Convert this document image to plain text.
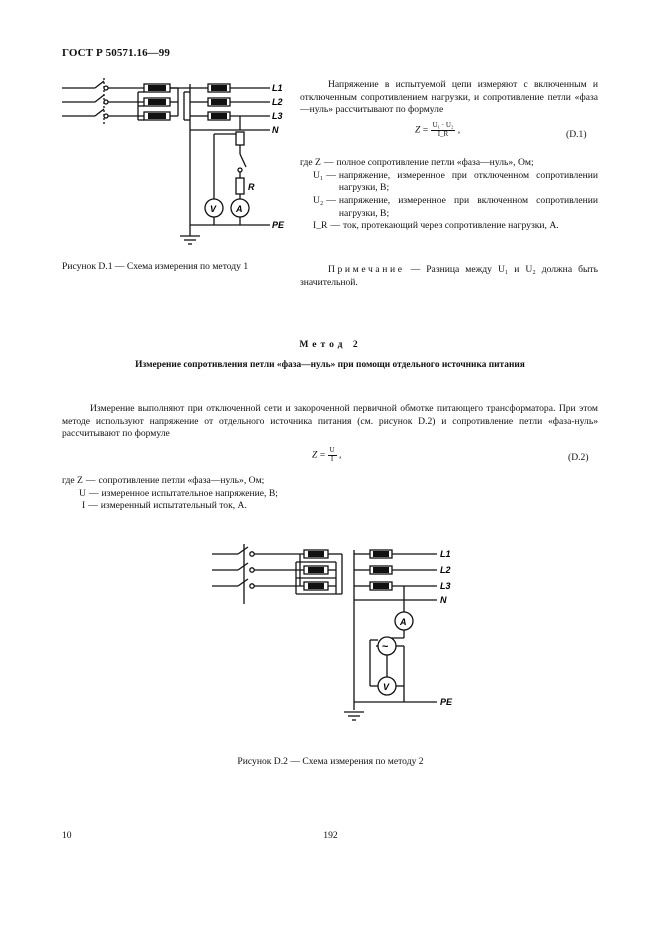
ГОСТ Р 50571.16—99
L1
L2
L3
N
R
V A
PE
Напряжение в испытуемой цепи измеряют с включенным и отключенным сопротивлением нагрузки, и сопротивление петли «фаза—нуль» рассчитывают по формуле
$Z = \frac{\text{U₁ · U₂}}{I\_R}$ ,	(D.1)
где Z — полное сопротивление петли «фаза—нуль», Ом;
U₁ — напряжение, измеренное при отключенном сопротивлении нагрузки, В;
U₂ — напряжение, измеренное при включенном сопротивлении нагрузки, В;
I_R — ток, протекающий через сопротивление нагрузки, А.
Рисунок D.1 — Схема измерения по методу 1	Примечание — Разница между U₁ и U₂ должна быть значительной.
Метод 2
Измерение сопротивления петли «фаза—нуль» при помощи отдельного источника питания
Измерение выполняют при отключенной сети и закороченной первичной обмотке питающего трансформатора. При этом методе используют напряжение от отдельного источника питания (см. рисунок D.2) и сопротивление петли «фаза-нуль» рассчитывают по формуле
$Z = \frac{U}{I}$ ,	(D.2)
где Z — сопротивление петли «фаза—нуль», Ом;
U — измеренное испытательное напряжение, В;
I — измеренный испытательный ток, А.
L1
L2
L3
N
A
~
V
PE
Рисунок D.2 — Схема измерения по методу 2
10	192
